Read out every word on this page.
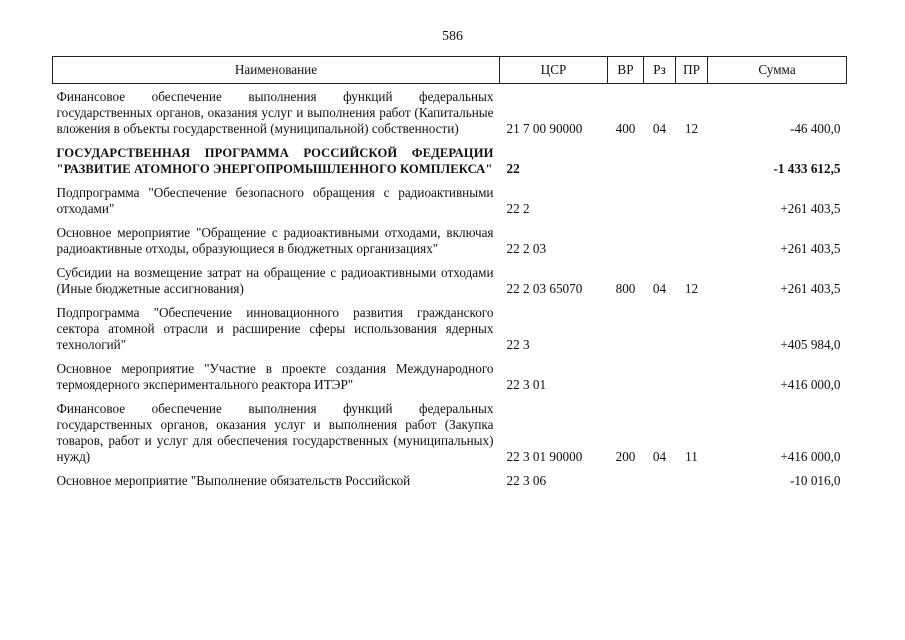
586
Наименование	ЦСР	ВР	Рз	ПР	Сумма
Финансовое обеспечение выполнения функций федеральных государственных органов, оказания услуг и выполнения работ (Капитальные вложения в объекты государственной (муниципальной) собственности)	21 7 00 90000	400	04	12	-46 400,0
ГОСУДАРСТВЕННАЯ ПРОГРАММА РОССИЙСКОЙ ФЕДЕРАЦИИ "РАЗВИТИЕ АТОМНОГО ЭНЕРГОПРОМЫШЛЕННОГО КОМПЛЕКСА"	22				-1 433 612,5
Подпрограмма "Обеспечение безопасного обращения с радиоактивными отходами"	22 2				+261 403,5
Основное мероприятие "Обращение с радиоактивными отходами, включая радиоактивные отходы, образующиеся в бюджетных организациях"	22 2 03				+261 403,5
Субсидии на возмещение затрат на обращение с радиоактивными отходами (Иные бюджетные ассигнования)	22 2 03 65070	800	04	12	+261 403,5
Подпрограмма "Обеспечение инновационного развития гражданского сектора атомной отрасли и расширение сферы использования ядерных технологий"	22 3				+405 984,0
Основное мероприятие "Участие в проекте создания Международного термоядерного экспериментального реактора ИТЭР"	22 3 01				+416 000,0
Финансовое обеспечение выполнения функций федеральных государственных органов, оказания услуг и выполнения работ (Закупка товаров, работ и услуг для обеспечения государственных (муниципальных) нужд)	22 3 01 90000	200	04	11	+416 000,0
Основное мероприятие "Выполнение обязательств Российской	22 3 06				-10 016,0
